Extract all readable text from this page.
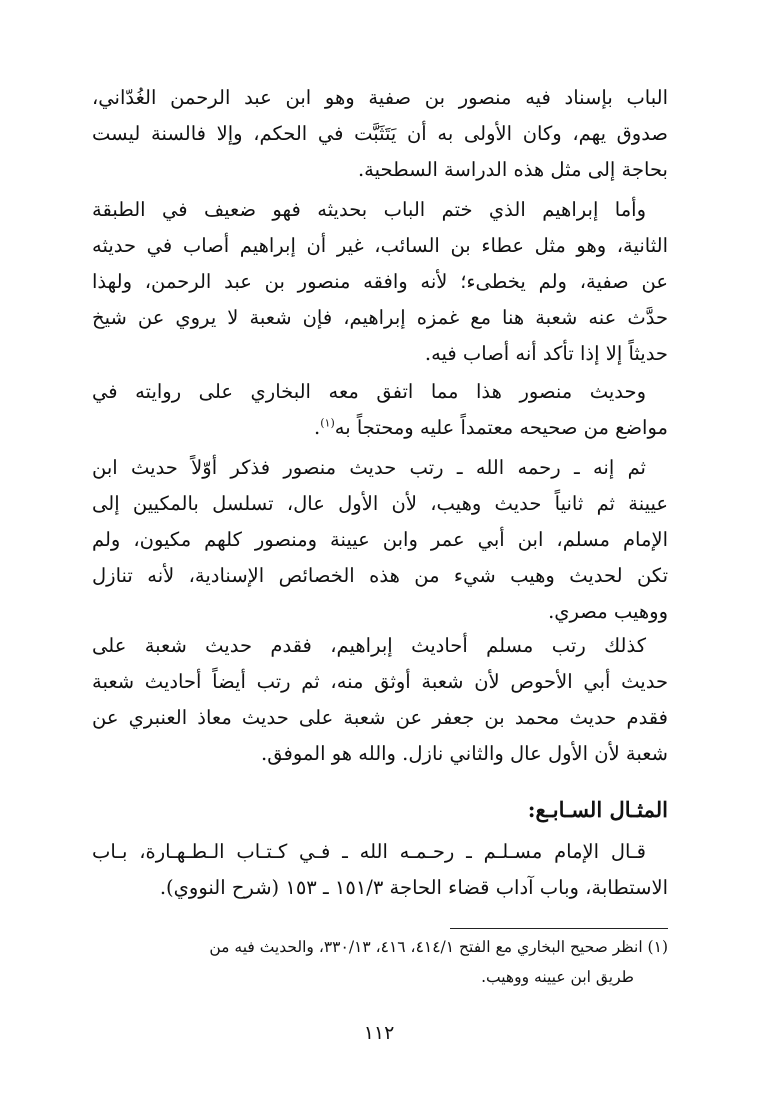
الباب بإسناد فيه منصور بن صفية وهو ابن عبد الرحمن الغُدّاني،
صدوق يهم، وكان الأولى به أن يَتَثَبَّت في الحكم، وإلا فالسنة ليست
بحاجة إلى مثل هذه الدراسة السطحية.
وأما إبراهيم الذي ختم الباب بحديثه فهو ضعيف في الطبقة
الثانية، وهو مثل عطاء بن السائب، غير أن إبراهيم أصاب في حديثه
عن صفية، ولم يخطىء؛ لأنه وافقه منصور بن عبد الرحمن، ولهذا
حدَّث عنه شعبة هنا مع غمزه إبراهيم، فإن شعبة لا يروي عن شيخ
حديثاً إلا إذا تأكد أنه أصاب فيه.
وحديث منصور هذا مما اتفق معه البخاري على روايته في
مواضع من صحيحه معتمداً عليه ومحتجاً به$^{(١)}$.
ثم إنه ـ رحمه الله ـ رتب حديث منصور فذكر أوّلاً حديث ابن
عيينة ثم ثانياً حديث وهيب، لأن الأول عال، تسلسل بالمكيين إلى
الإمام مسلم، ابن أبي عمر وابن عيينة ومنصور كلهم مكيون، ولم
تكن لحديث وهيب شيء من هذه الخصائص الإسنادية، لأنه تنازل
ووهيب مصري.
كذلك رتب مسلم أحاديث إبراهيم، فقدم حديث شعبة على
حديث أبي الأحوص لأن شعبة أوثق منه، ثم رتب أيضاً أحاديث شعبة
فقدم حديث محمد بن جعفر عن شعبة على حديث معاذ العنبري عن
شعبة لأن الأول عال والثاني نازل. والله هو الموفق.
المثـال السـابـع:
قـال الإمام مسـلـم ـ رحـمـه الله ـ فـي كـتـاب الـطـهـارة، بـاب
الاستطابة، وباب آداب قضاء الحاجة ١٥١/٣ ـ ١٥٣ (شرح النووي).
(١) انظر صحيح البخاري مع الفتح ٤١٤/١، ٤١٦، ٣٣٠/١٣، والحديث فيه من
طريق ابن عيينه ووهيب.
١١٢
